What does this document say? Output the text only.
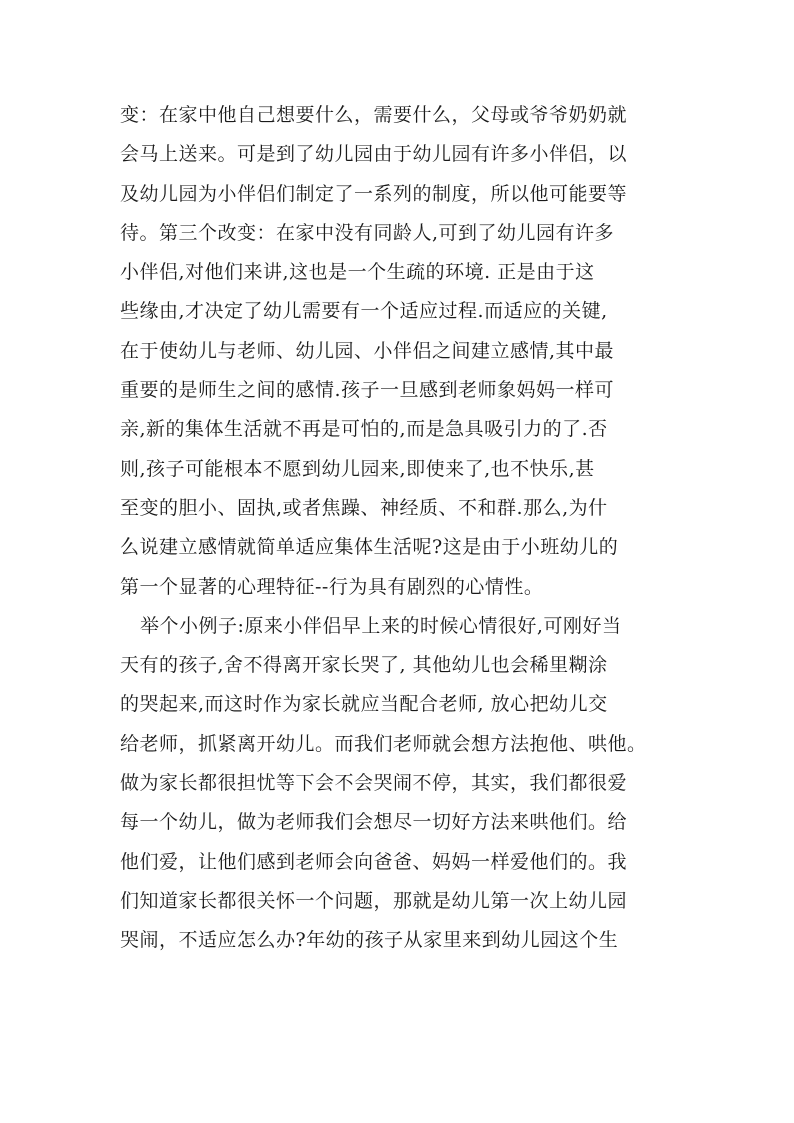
变：在家中他自己想要什么，需要什么，父母或爷爷奶奶就
会马上送来。可是到了幼儿园由于幼儿园有许多小伴侣，以
及幼儿园为小伴侣们制定了一系列的制度，所以他可能要等
待。第三个改变：在家中没有同龄人,可到了幼儿园有许多
小伴侣,对他们来讲,这也是一个生疏的环境. 正是由于这
些缘由,才决定了幼儿需要有一个适应过程.而适应的关键,
在于使幼儿与老师、幼儿园、小伴侣之间建立感情,其中最
重要的是师生之间的感情.孩子一旦感到老师象妈妈一样可
亲,新的集体生活就不再是可怕的,而是急具吸引力的了.否
则,孩子可能根本不愿到幼儿园来,即使来了,也不快乐,甚
至变的胆小、固执,或者焦躁、神经质、不和群.那么,为什
么说建立感情就简单适应集体生活呢?这是由于小班幼儿的
第一个显著的心理特征--行为具有剧烈的心情性。
举个小例子:原来小伴侣早上来的时候心情很好,可刚好当
天有的孩子,舍不得离开家长哭了, 其他幼儿也会稀里糊涂
的哭起来,而这时作为家长就应当配合老师, 放心把幼儿交
给老师，抓紧离开幼儿。而我们老师就会想方法抱他、哄他。
做为家长都很担忧等下会不会哭闹不停，其实，我们都很爱
每一个幼儿，做为老师我们会想尽一切好方法来哄他们。给
他们爱，让他们感到老师会向爸爸、妈妈一样爱他们的。我
们知道家长都很关怀一个问题，那就是幼儿第一次上幼儿园
哭闹，不适应怎么办?年幼的孩子从家里来到幼儿园这个生
